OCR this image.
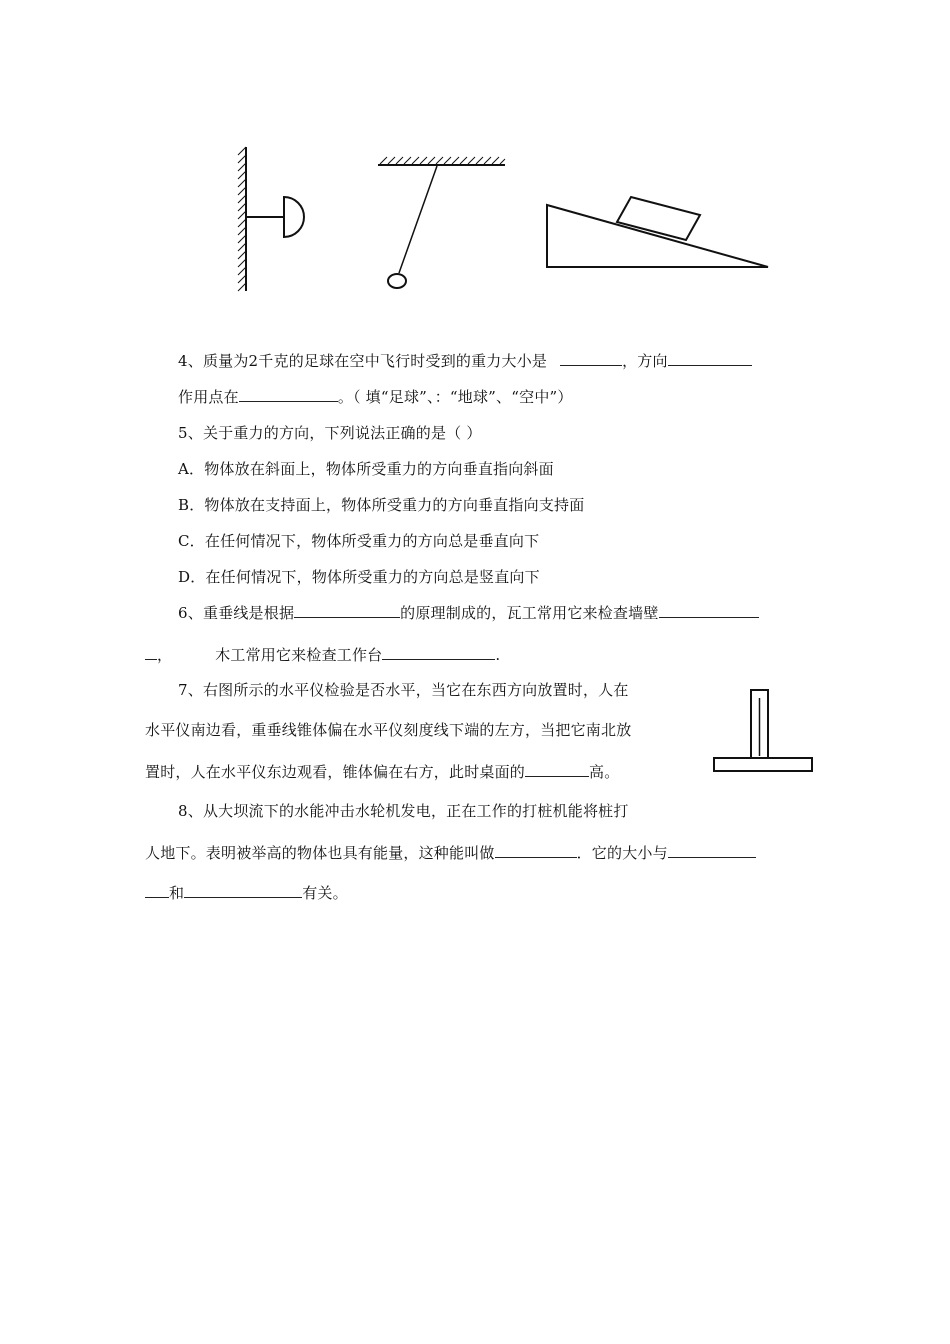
4、质量为2千克的足球在空中飞行时受到的重力大小是	，方向
作用点在	。（ 填“足球”、：“地球”、“空中”）
5、关于重力的方向，下列说法正确的是（ ）
A．物体放在斜面上，物体所受重力的方向垂直指向斜面
B．物体放在支持面上，物体所受重力的方向垂直指向支持面
C．在任何情况下，物体所受重力的方向总是垂直向下
D．在任何情况下，物体所受重力的方向总是竖直向下
6、重垂线是根据	的原理制成的，瓦工常用它来检查墙壁
，	木工常用它来检查工作台	.
7、右图所示的水平仪检验是否水平，当它在东西方向放置时，人在
水平仪南边看，重垂线锥体偏在水平仪刻度线下端的左方，当把它南北放
置时，人在水平仪东边观看，锥体偏在右方，此时桌面的	高。
8、从大坝流下的水能冲击水轮机发电，正在工作的打桩机能将桩打
人地下。表明被举高的物体也具有能量，这种能叫做	．它的大小与
和	有关。
